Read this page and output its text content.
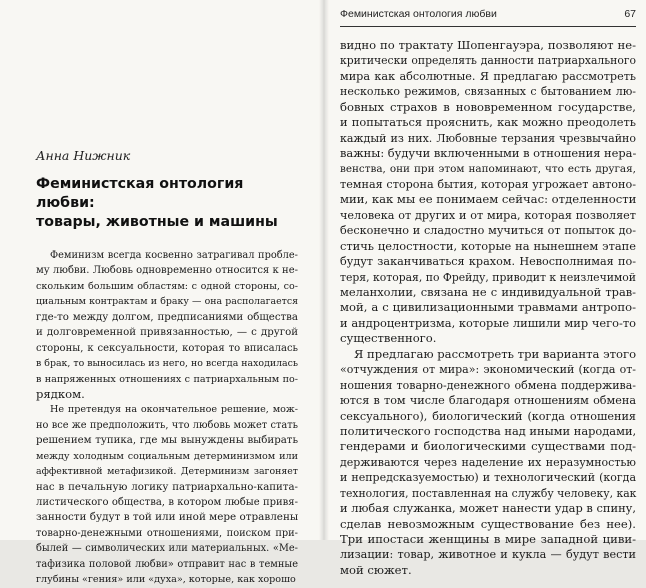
Анна Нижник
Феминистская онтология любви:
товары, животные и машины
Феминизм всегда косвенно затрагивал пробле-
му любви. Любовь одновременно относится к не-
скольким большим областям: с одной стороны, со-
циальным контрактам и браку — она располагается
где-то между долгом, предписаниями общества
и долговременной привязанностью, — с другой
стороны, к сексуальности, которая то вписалась
в брак, то выносилась из него, но всегда находилась
в напряженных отношениях с патриархальным по-
рядком.
Не претендуя на окончательное решение, мож-
но все же предположить, что любовь может стать
решением тупика, где мы вынуждены выбирать
между холодным социальным детерминизмом или
аффективной метафизикой. Детерминизм загоняет
нас в печальную логику патриархально-капита-
листического общества, в котором любые привя-
занности будут в той или иной мере отравлены
товарно-денежными отношениями, поиском при-
былей — символических или материальных. «Ме-
тафизика половой любви» отправит нас в темные
глубины «гения» или «духа», которые, как хорошо
Феминистская онтология любви	67
видно по трактату Шопенгауэра, позволяют не-
критически определять данности патриархального
мира как абсолютные. Я предлагаю рассмотреть
несколько режимов, связанных с бытованием лю-
бовных страхов в нововременном государстве,
и попытаться прояснить, как можно преодолеть
каждый из них. Любовные терзания чрезвычайно
важны: будучи включенными в отношения нера-
венства, они при этом напоминают, что есть другая,
темная сторона бытия, которая угрожает автоно-
мии, как мы ее понимаем сейчас: отделенности
человека от других и от мира, которая позволяет
бесконечно и сладостно мучиться от попыток до-
стичь целостности, которые на нынешнем этапе
будут заканчиваться крахом. Невосполнимая по-
теря, которая, по Фрейду, приводит к неизлечимой
меланхолии, связана не с индивидуальной трав-
мой, а с цивилизационными травмами антропо-
и андроцентризма, которые лишили мир чего-то
существенного.
Я предлагаю рассмотреть три варианта этого
«отчуждения от мира»: экономический (когда от-
ношения товарно-денежного обмена поддержива-
ются в том числе благодаря отношениям обмена
сексуального), биологический (когда отношения
политического господства над иными народами,
гендерами и биологическими существами под-
держиваются через наделение их неразумностью
и непредсказуемостью) и технологический (когда
технология, поставленная на службу человеку, как
и любая служанка, может нанести удар в спину,
сделав невозможным существование без нее).
Три ипостаси женщины в мире западной циви-
лизации: товар, животное и кукла — будут вести
мой сюжет.
